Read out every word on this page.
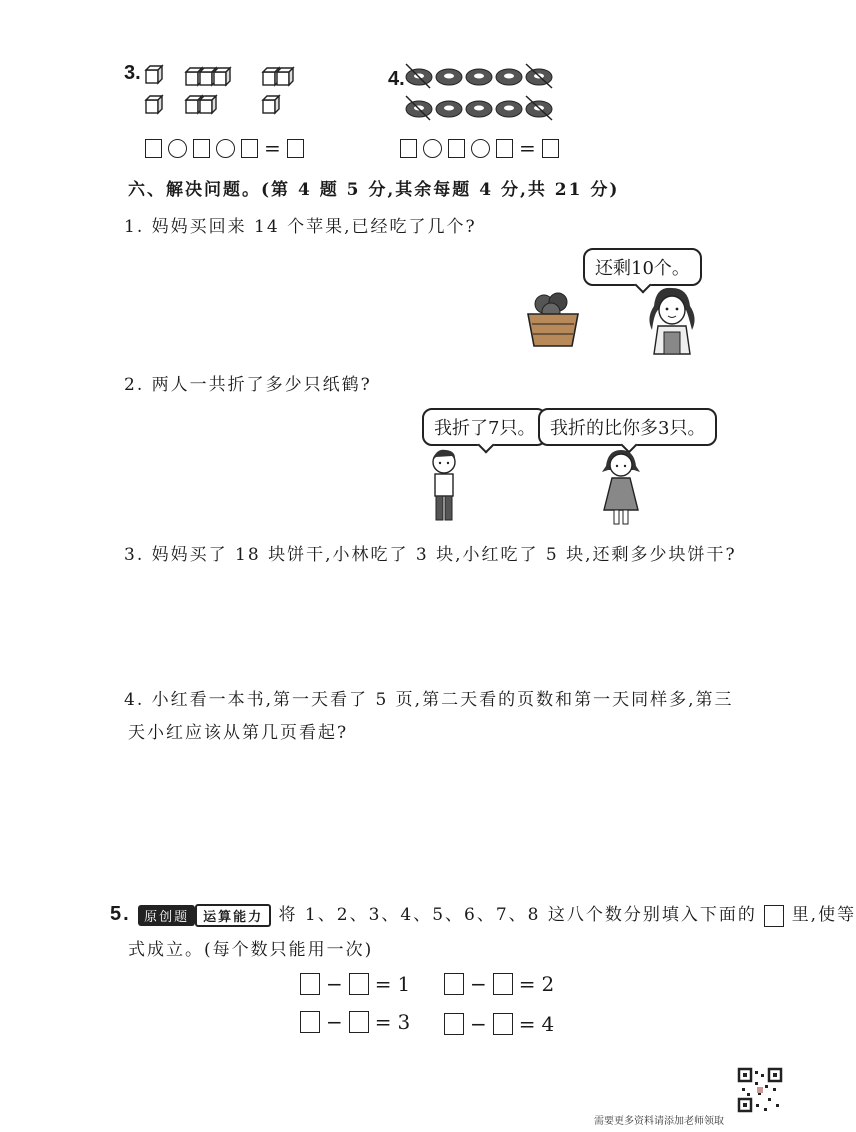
3.
=
4.
=
六、解决问题。(第 4 题 5 分,其余每题 4 分,共 21 分)
1. 妈妈买回来 14 个苹果,已经吃了几个?
还剩10个。
2. 两人一共折了多少只纸鹤?
我折了7只。 我折的比你多3只。
3. 妈妈买了 18 块饼干,小林吃了 3 块,小红吃了 5 块,还剩多少块饼干?
4. 小红看一本书,第一天看了 5 页,第二天看的页数和第一天同样多,第三
天小红应该从第几页看起?
5. 原创题 运算能力 将 1、2、3、4、5、6、7、8 这八个数分别填入下面的 里,使等
式成立。(每个数只能用一次)
− = 1	− = 2
− = 3	− = 4
需要更多资料请添加老师领取
